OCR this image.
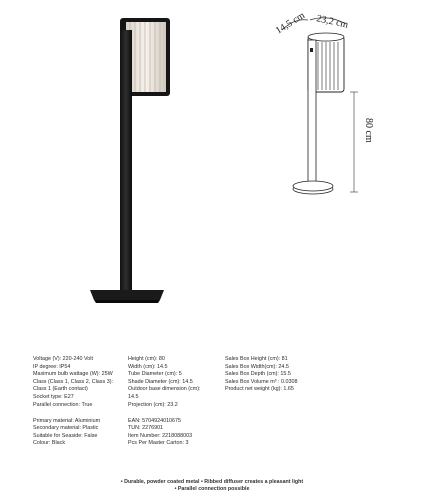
14,5 cm 23,2 cm
80 cm
Voltage (V): 220-240 Volt
IP degree: IP54
Maximum bulb wattage (W): 25W
Class (Class 1, Class 2, Class 3):
Class 1 (Earth contact)
Socket type: E27
Parallel connection: True
Primary material: Aluminium
Secondary material: Plastic
Suitable for Seaside: False
Colour: Black
Height (cm): 80
Width (cm): 14.5
Tube Diameter (cm): 5
Shade Diameter (cm): 14.5
Outdoor base dimension (cm):
14.5
Projection (cm): 23.2
EAN: 5704924010675
TUN: 2276901
Item Number: 2218088003
Pcs Per Master Carton: 3
Sales Box Height (cm): 81
Sales Box Width(cm): 24.5
Sales Box Depth (cm): 15.5
Sales Box Volume m³ : 0.0308
Product net weight (kg): 1.65
• Durable, powder coated metal • Ribbed diffuser creates a pleasant light
• Parallel connection possible
